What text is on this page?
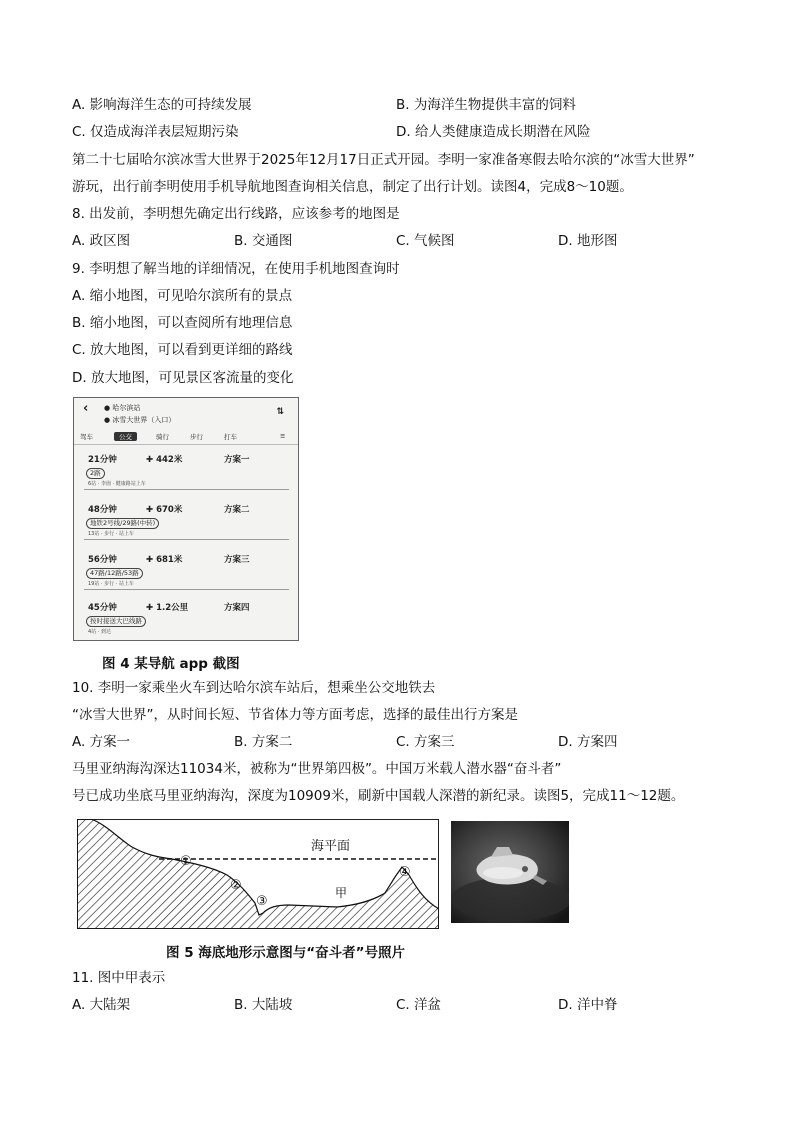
A. 影响海洋生态的可持续发展	B. 为海洋生物提供丰富的饲料
C. 仅造成海洋表层短期污染	D. 给人类健康造成长期潜在风险
第二十七届哈尔滨冰雪大世界于2025年12月17日正式开园。李明一家准备寒假去哈尔滨的“冰雪大世界”
游玩，出行前李明使用手机导航地图查询相关信息，制定了出行计划。读图4，完成8～10题。
8. 出发前，李明想先确定出行线路，应该参考的地图是
A. 政区图	B. 交通图	C. 气候图	D. 地形图
9. 李明想了解当地的详细情况，在使用手机地图查询时
A. 缩小地图，可见哈尔滨所有的景点
B. 缩小地图，可以查阅所有地理信息
C. 放大地图，可以看到更详细的路线
D. 放大地图，可见景区客流量的变化
‹ ● 哈尔滨站
● 冰雪大世界（入口）
⇅
驾车	公交	骑行	步行	打车	≡
21分钟	✚ 442米	方案一
2路
6站 · 李崮 · 健康路站上车
48分钟	✚ 670米	方案二
地铁2号线/29路(中转)
13站 · 步行 · 站上车
56分钟	✚ 681米	方案三
47路/12路/53路
19站 · 步行 · 站上车
45分钟	✚ 1.2公里	方案四
按时接送大巴线路
4站 · 到达
图 4 某导航 app 截图
10. 李明一家乘坐火车到达哈尔滨车站后，想乘坐公交地铁去
“冰雪大世界”，从时间长短、节省体力等方面考虑，选择的最佳出行方案是
A. 方案一	B. 方案二	C. 方案三	D. 方案四
马里亚纳海沟深达11034米，被称为“世界第四极”。中国万米载人潜水器“奋斗者”
号已成功坐底马里亚纳海沟，深度为10909米，刷新中国载人深潜的新纪录。读图5，完成11～12题。
海平面
甲
①
②
③
④
图 5 海底地形示意图与“奋斗者”号照片
11. 图中甲表示
A. 大陆架	B. 大陆坡	C. 洋盆	D. 洋中脊
